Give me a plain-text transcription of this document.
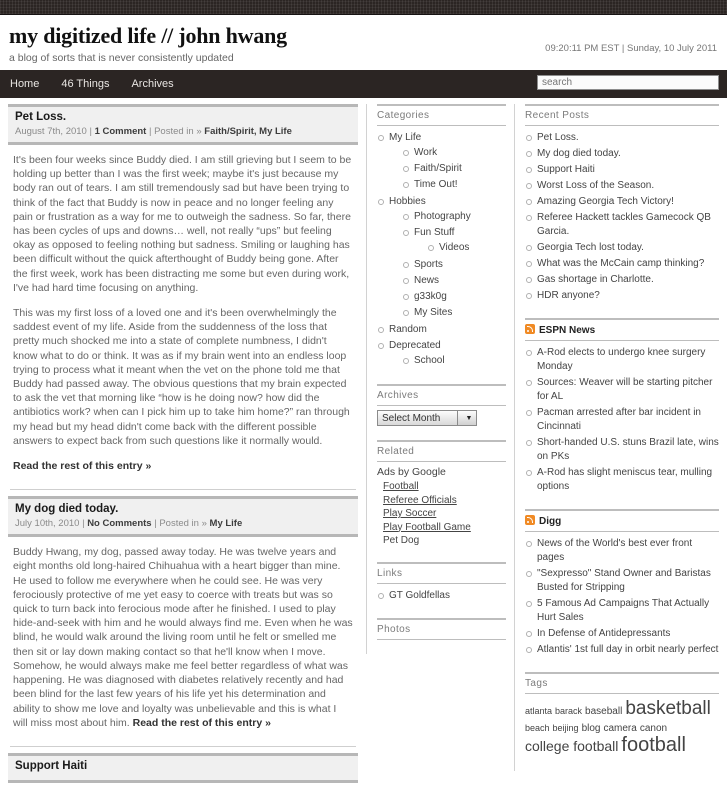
my digitized life // john hwang
a blog of sorts that is never consistently updated
09:20:11 PM EST | Sunday, 10 July 2011
Home 46 Things Archives
search
Pet Loss.
August 7th, 2010 | 1 Comment | Posted in » Faith/Spirit, My Life

It's been four weeks since Buddy died. I am still grieving but I seem to be holding up better than I was the first week; maybe it's just because my body ran out of tears. I am still tremendously sad but have been trying to think of the fact that Buddy is now in peace and no longer feeling any pain or frustration as a way for me to outweigh the sadness. So far, there has been cycles of ups and downs… well, not really “ups” but feeling okay as opposed to feeling nothing but sadness. Smiling or laughing has been difficult without the quick afterthought of Buddy being gone. After the first week, work has been distracting me some but even during work, I've had hard time focusing on anything.

This was my first loss of a loved one and it's been overwhelmingly the saddest event of my life. Aside from the suddenness of the loss that pretty much shocked me into a state of complete numbness, I didn't know what to do or think. It was as if my brain went into an endless loop trying to process what it meant when the vet on the phone told me that Buddy had passed away. The obvious questions that my brain expected to ask the vet that morning like “how is he doing now? how did the antibiotics work? when can I pick him up to take him home?” ran through my head but my head didn't come back with the different possible answers to expect back from such questions like it normally would.

Read the rest of this entry »

My dog died today.
July 10th, 2010 | No Comments | Posted in » My Life

Buddy Hwang, my dog, passed away today. He was twelve years and eight months old long-haired Chihuahua with a heart bigger than mine. He used to follow me everywhere when he could see. He was very ferociously protective of me yet easy to coerce with treats but was so quick to turn back into ferocious mode after he finished. I used to play hide-and-seek with him and he would always find me. Even when he was blind, he would walk around the living room until he felt or smelled me then sit or lay down making contact so that he'll know when I move. Somehow, he would always make me feel better regardless of what was happening. He was diagnosed with diabetes relatively recently and had been blind for the last few years of his life yet his determination and ability to show me love and loyalty was unbelievable and this is what I will miss most about him. Read the rest of this entry »

Support Haiti
Categories
My Life
Work
Faith/Spirit
Time Out!
Hobbies
Photography
Fun Stuff
Videos
Sports
News
g33k0g
My Sites
Random
Deprecated
School
Archives
Select Month	▼
Related
Ads by Google
Football
Referee Officials
Play Soccer
Play Football Game
Pet Dog
Links
GT Goldfellas
Photos
Recent Posts
Pet Loss.
My dog died today.
Support Haiti
Worst Loss of the Season.
Amazing Georgia Tech Victory!
Referee Hackett tackles Gamecock QB Garcia.
Georgia Tech lost today.
What was the McCain camp thinking?
Gas shortage in Charlotte.
HDR anyone?
ESPN News
A-Rod elects to undergo knee surgery Monday
Sources: Weaver will be starting pitcher for AL
Pacman arrested after bar incident in Cincinnati
Short-handed U.S. stuns Brazil late, wins on PKs
A-Rod has slight meniscus tear, mulling options
Digg
News of the World's best ever front pages
"Sexpresso" Stand Owner and Baristas Busted for Stripping
5 Famous Ad Campaigns That Actually Hurt Sales
In Defense of Antidepressants
Atlantis' 1st full day in orbit nearly perfect
Tags
atlanta barack baseball basketballbeach beijing blog camera canoncollege football football
